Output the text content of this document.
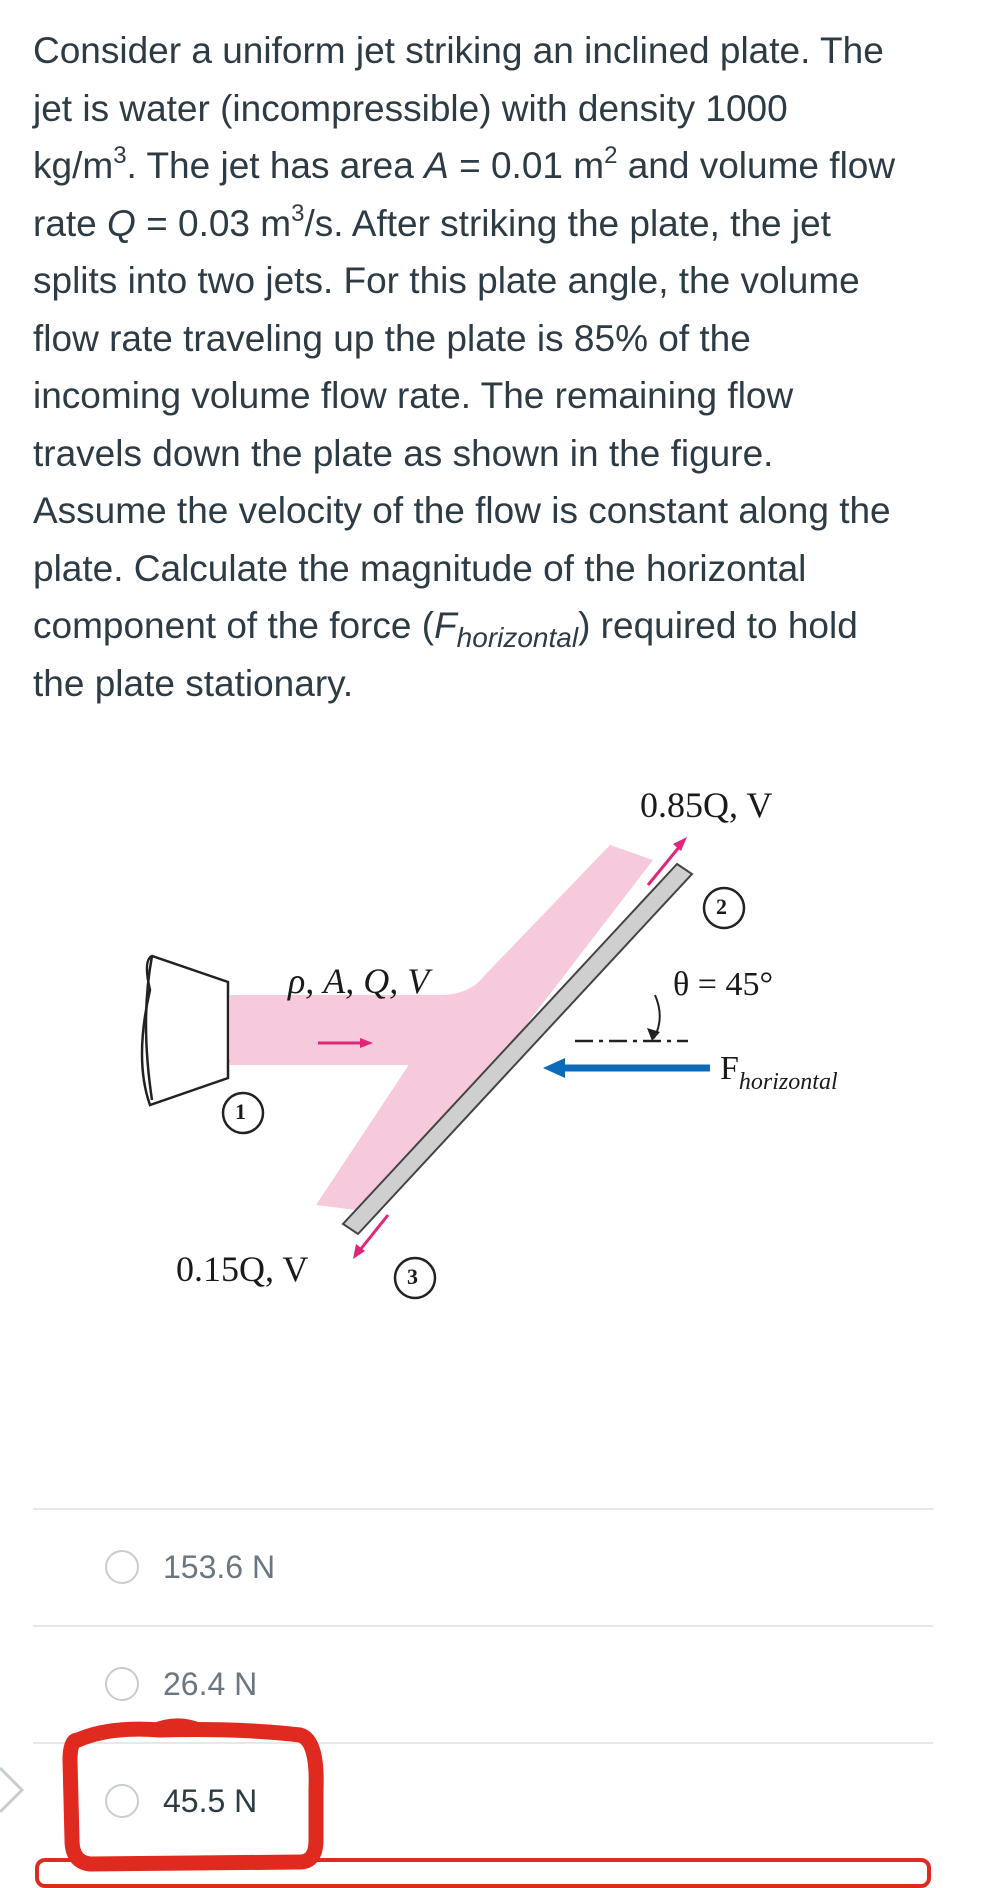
Consider a uniform jet striking an inclined plate. The

jet is water (incompressible) with density 1000

$kg/m^3$. The jet has area A = 0.01 $m^2$ and volume flow

rate Q = 0.03 $m^3/s$. After striking the plate, the jet

splits into two jets. For this plate angle, the volume

flow rate traveling up the plate is 85% of the

incoming volume flow rate. The remaining flow

travels down the plate as shown in the figure.

Assume the velocity of the flow is constant along the

plate. Calculate the magnitude of the horizontal

component of the force $(F_{horizontal})$ required to hold

the plate stationary.

0.85Q, V
ρ, A, Q, V	θ = 45°
$F_{horizontal}$
0.15Q, V
1
2
3
153.6 N
26.4 N
45.5 N
